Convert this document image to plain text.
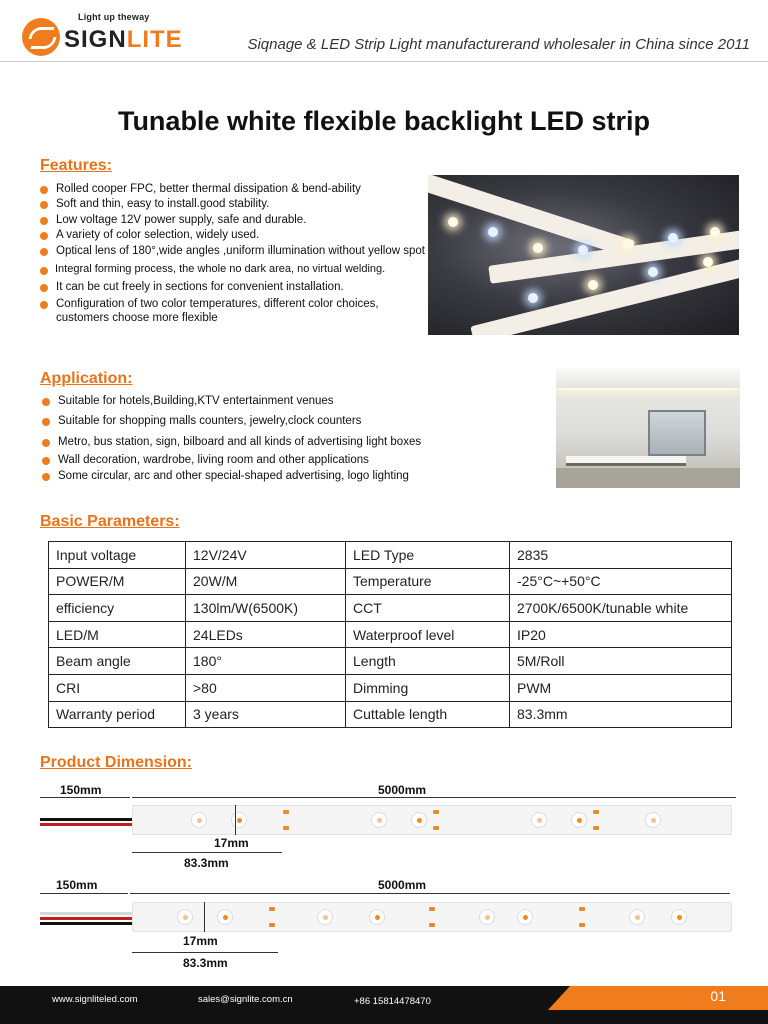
Light up theway
SIGNLITE	Siqnage & LED Strip Light manufacturerand wholesaler in China since 2011
Tunable white flexible backlight LED strip
Features:
Rolled cooper FPC, better thermal dissipation & bend-ability
Soft and thin, easy to install.good stability.
Low voltage 12V power supply, safe and durable.
A variety of color selection, widely used.
Optical lens of 180°,wide angles ,uniform illumination without yellow spot
Integral forming process, the whole no dark area, no virtual welding.
It can be cut freely in sections for convenient installation.
Configuration of two color temperatures, different color choices, customers choose more flexible
Application:
Suitable for hotels,Building,KTV entertainment venues
Suitable for shopping malls counters, jewelry,clock counters
Metro, bus station, sign, bilboard and all kinds of advertising light boxes
Wall decoration, wardrobe, living room and other applications
Some circular, arc and other special-shaped advertising, logo lighting
Basic Parameters:
Input voltage	12V/24V	LED Type	2835
POWER/M	20W/M	Temperature	-25°C~+50°C
efficiency	130lm/W(6500K)	CCT	2700K/6500K/tunable white
LED/M	24LEDs	Waterproof level	IP20
Beam angle	180°	Length	5M/Roll
CRI	>80	Dimming	PWM
Warranty period	3 years	Cuttable length	83.3mm
Product Dimension:
150mm	5000mm
17mm
83.3mm
150mm	5000mm
17mm
83.3mm
www.signliteled.com	sales@signlite.com.cn	+86 15814478470	01
